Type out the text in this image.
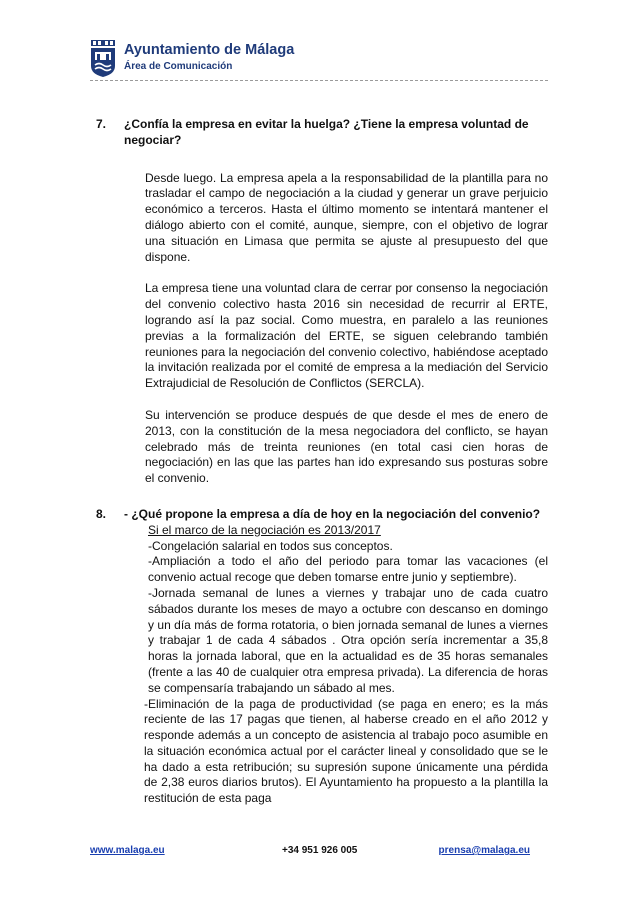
Ayuntamiento de Málaga
Área de Comunicación
7.	¿Confía la empresa en evitar la huelga? ¿Tiene la empresa voluntad de negociar?

Desde luego. La empresa apela a la responsabilidad de la plantilla para no trasladar el campo de negociación a la ciudad y generar un grave perjuicio económico a terceros. Hasta el último momento se intentará mantener el diálogo abierto con el comité, aunque, siempre, con el objetivo de lograr una situación en Limasa que permita se ajuste al presupuesto del que dispone.

La empresa tiene una voluntad clara de cerrar por consenso la negociación del convenio colectivo hasta 2016 sin necesidad de recurrir al ERTE, logrando así la paz social. Como muestra, en paralelo a las reuniones previas a la formalización del ERTE, se siguen celebrando también reuniones para la negociación del convenio colectivo, habiéndose aceptado la invitación realizada por el comité de empresa a la mediación del Servicio Extrajudicial de Resolución de Conflictos (SERCLA).

Su intervención se produce después de que desde el mes de enero de 2013, con la constitución de la mesa negociadora del conflicto, se hayan celebrado más de treinta reuniones (en total casi cien horas de negociación) en las que las partes han ido expresando sus posturas sobre el convenio.

8.	- ¿Qué propone la empresa a día de hoy en la negociación del convenio?

Si el marco de la negociación es 2013/2017

-Congelación salarial en todos sus conceptos.

-Ampliación a todo el año del periodo para tomar las vacaciones (el convenio actual recoge que deben tomarse entre junio y septiembre).

-Jornada semanal de lunes a viernes y trabajar uno de cada cuatro sábados durante los meses de mayo a octubre con descanso en domingo y un día más de forma rotatoria, o bien jornada semanal de lunes a viernes y trabajar 1 de cada 4 sábados . Otra opción sería incrementar a 35,8 horas la jornada laboral, que en la actualidad es de 35 horas semanales (frente a las 40 de cualquier otra empresa privada). La diferencia de horas se compensaría trabajando un sábado al mes.

-Eliminación de la paga de productividad (se paga en enero; es la más reciente de las 17 pagas que tienen, al haberse creado en el año 2012 y responde además a un concepto de asistencia al trabajo poco asumible en la situación económica actual por el carácter lineal y consolidado que se le ha dado a esta retribución; su supresión supone únicamente una pérdida de 2,38 euros diarios brutos). El Ayuntamiento ha propuesto a la plantilla la restitución de esta paga

www.malaga.eu	+34 951 926 005	prensa@malaga.eu
